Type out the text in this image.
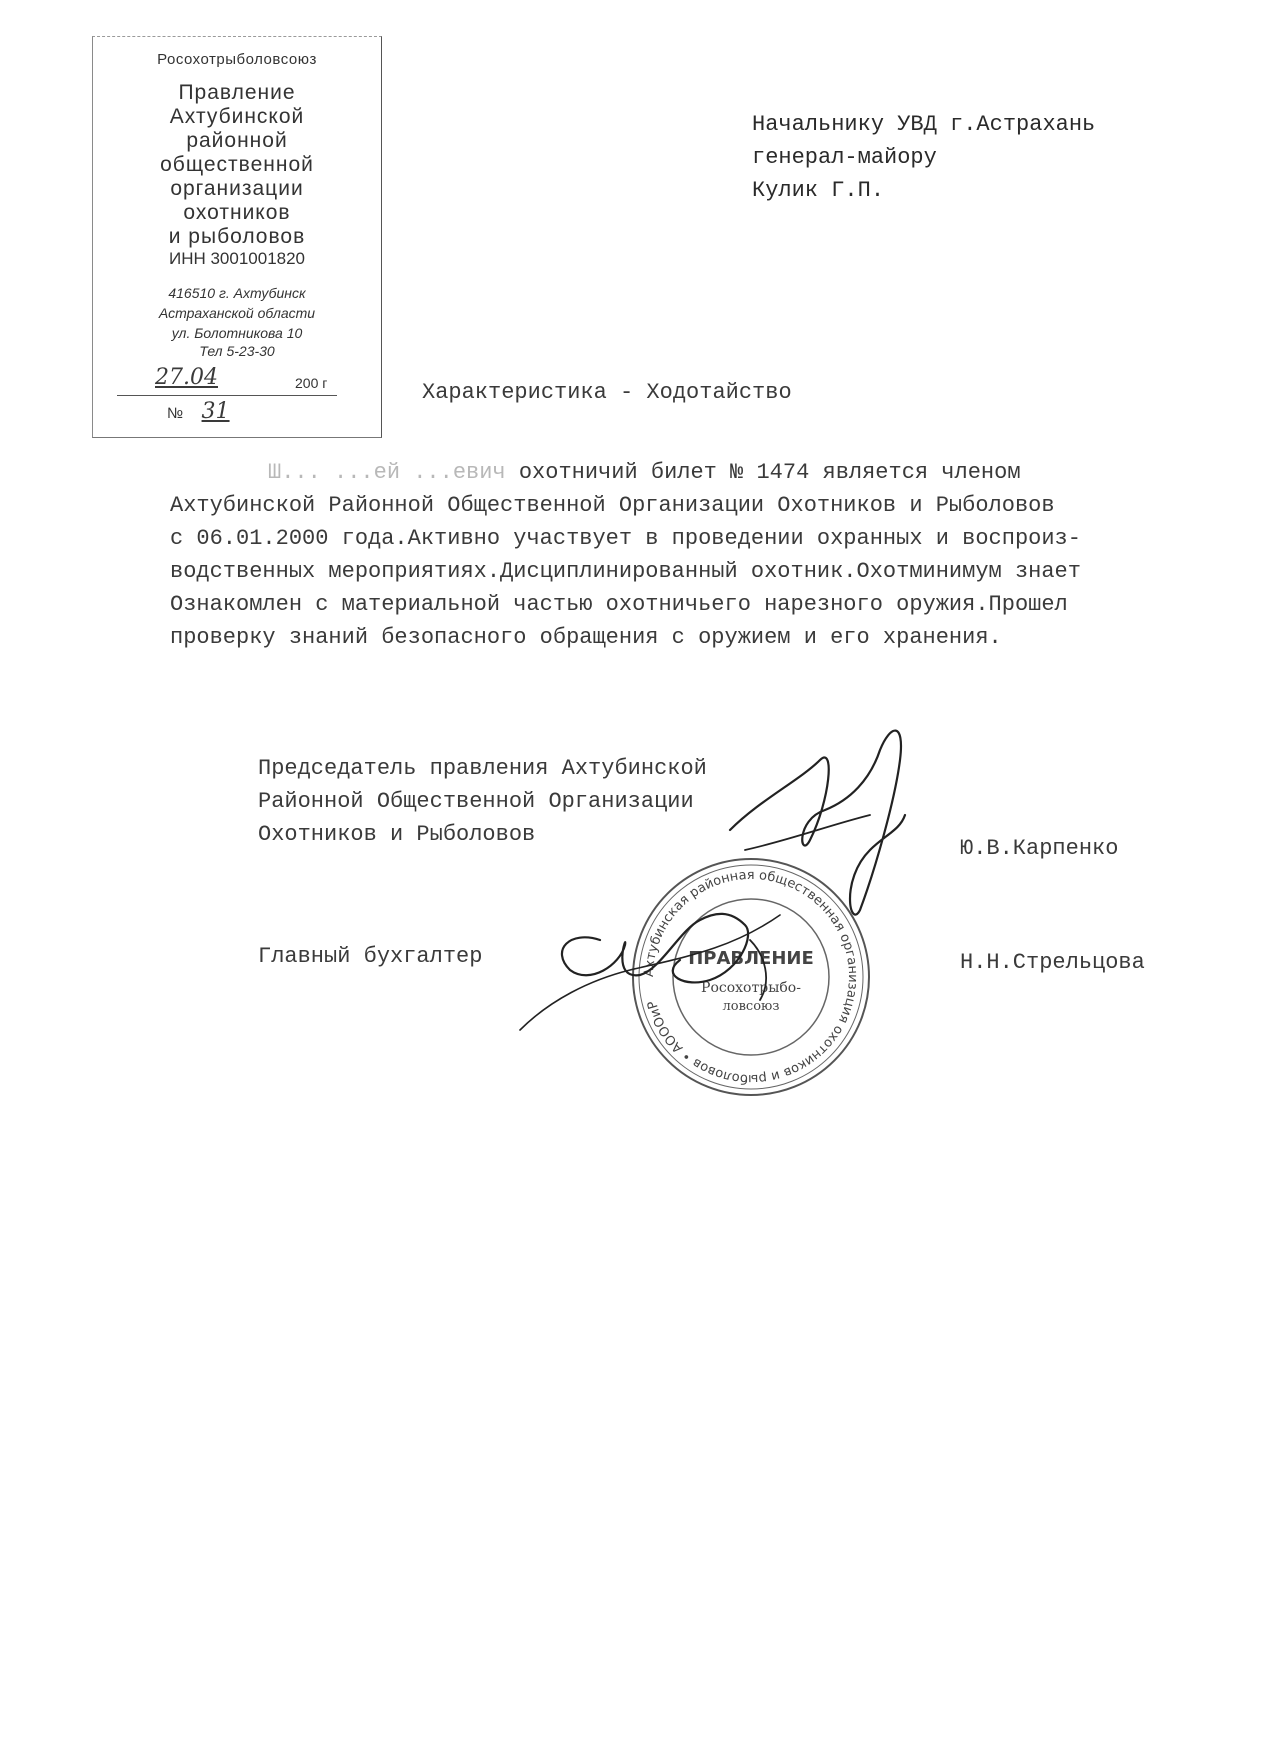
Росохотрыболовсоюз
Правление
Ахтубинской
районной
общественной
организации
охотников
и рыболовов
ИНН 3001001820
416510 г. Ахтубинск
Астраханской области
ул. Болотникова 10
Тел 5-23-30
27.04	200 г
№ 31
Начальнику УВД г.Астрахань
генерал-майору
Кулик Г.П.
Характеристика - Ходотайство
Ш... ...ей ...евич охотничий билет № 1474 является членом
Ахтубинской Районной Общественной Организации Охотников и Рыболовов
с 06.01.2000 года.Активно участвует в проведении охранных и воспроиз-
водственных мероприятиях.Дисциплинированный охотник.Охотминимум знает
Ознакомлен с материальной частью охотничьего нарезного оружия.Прошел
проверку знаний безопасного обращения с оружием и его хранения.
Председатель правления Ахтубинской
Районной Общественной Организации
Охотников и Рыболовов
Ю.В.Карпенко
Главный бухгалтер	Н.Н.Стрельцова
Ахтубинская районная общественная организация охотников и рыболовов • АОООиР
ПРАВЛЕНИЕ
Росохотрыбо-
ловсоюз
